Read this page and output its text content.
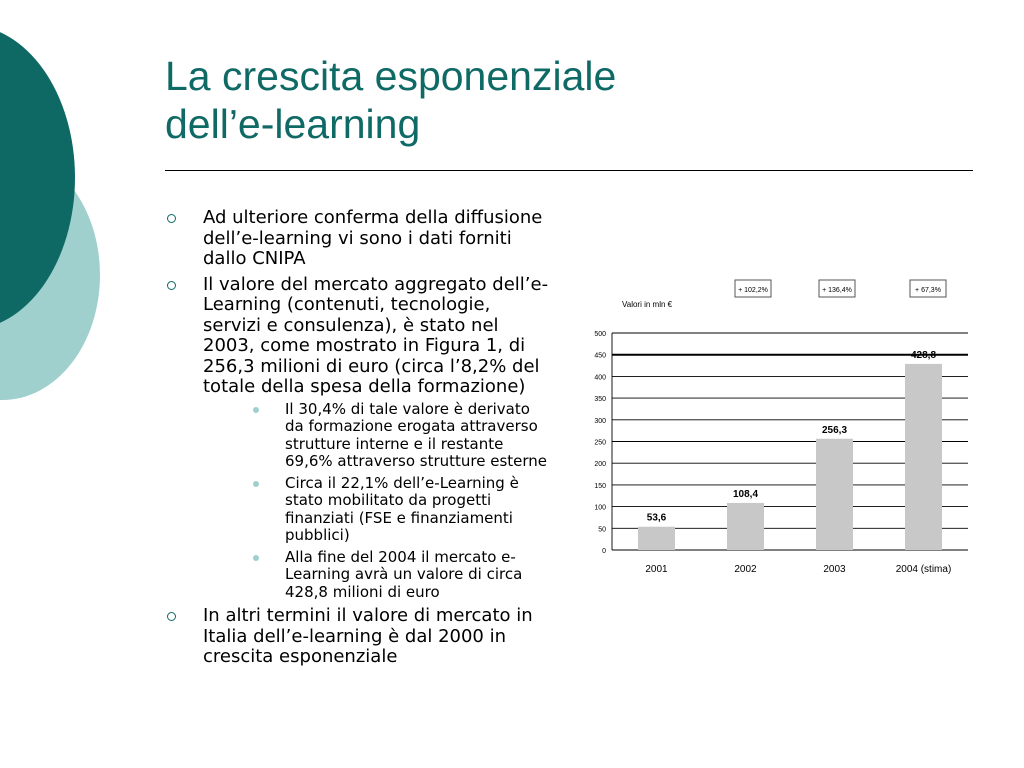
La crescita esponenziale
dell’e-learning
Ad ulteriore conferma della diffusione dell’e-learning vi sono i dati forniti dallo CNIPA
Il valore del mercato aggregato dell’e-Learning (contenuti, tecnologie, servizi e consulenza), è stato nel 2003, come mostrato in Figura 1, di 256,3 milioni di euro (circa l’8,2% del totale della spesa della formazione)
Il 30,4% di tale valore è derivato da formazione erogata attraverso strutture interne e il restante 69,6% attraverso strutture esterne
Circa il 22,1% dell’e-Learning è stato mobilitato da progetti finanziati (FSE e finanziamenti pubblici)
Alla fine del 2004 il mercato e-Learning avrà un valore di circa 428,8 milioni di euro
In altri termini il valore di mercato in Italia dell’e-learning è dal 2000 in crescita esponenziale
Valori in mln €
0
50
100
150
200
250
300
350
400
450
500
53,6
2001
108,4
2002
256,3
2003
428,8
2004 (stima)
+ 102,2%	+ 136,4%	+ 67,3%
